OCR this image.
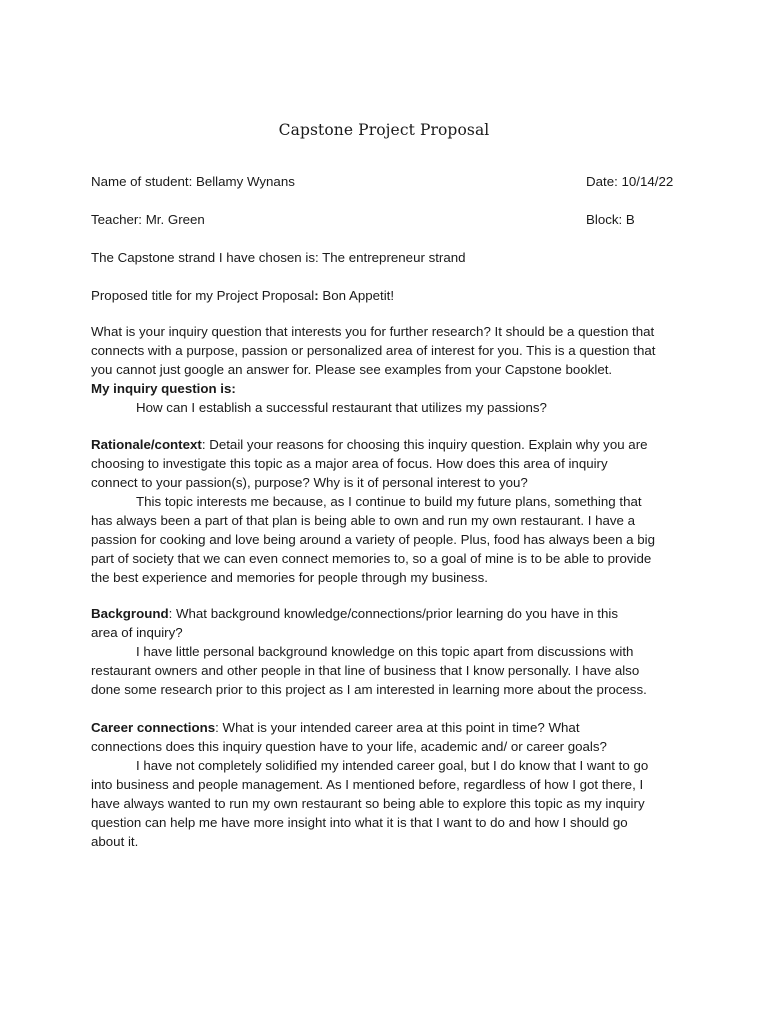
Capstone Project Proposal
Name of student: Bellamy Wynans	Date: 10/14/22
Teacher: Mr. Green	Block: B
The Capstone strand I have chosen is: The entrepreneur strand
Proposed title for my Project Proposal: Bon Appetit!
What is your inquiry question that interests you for further research? It should be a question that
connects with a purpose, passion or personalized area of interest for you. This is a question that
you cannot just google an answer for. Please see examples from your Capstone booklet.
My inquiry question is:
How can I establish a successful restaurant that utilizes my passions?
Rationale/context: Detail your reasons for choosing this inquiry question. Explain why you are
choosing to investigate this topic as a major area of focus. How does this area of inquiry
connect to your passion(s), purpose? Why is it of personal interest to you?
This topic interests me because, as I continue to build my future plans, something that
has always been a part of that plan is being able to own and run my own restaurant. I have a
passion for cooking and love being around a variety of people. Plus, food has always been a big
part of society that we can even connect memories to, so a goal of mine is to be able to provide
the best experience and memories for people through my business.
Background: What background knowledge/connections/prior learning do you have in this
area of inquiry?
I have little personal background knowledge on this topic apart from discussions with
restaurant owners and other people in that line of business that I know personally. I have also
done some research prior to this project as I am interested in learning more about the process.
Career connections: What is your intended career area at this point in time? What
connections does this inquiry question have to your life, academic and/ or career goals?
I have not completely solidified my intended career goal, but I do know that I want to go
into business and people management. As I mentioned before, regardless of how I got there, I
have always wanted to run my own restaurant so being able to explore this topic as my inquiry
question can help me have more insight into what it is that I want to do and how I should go
about it.
